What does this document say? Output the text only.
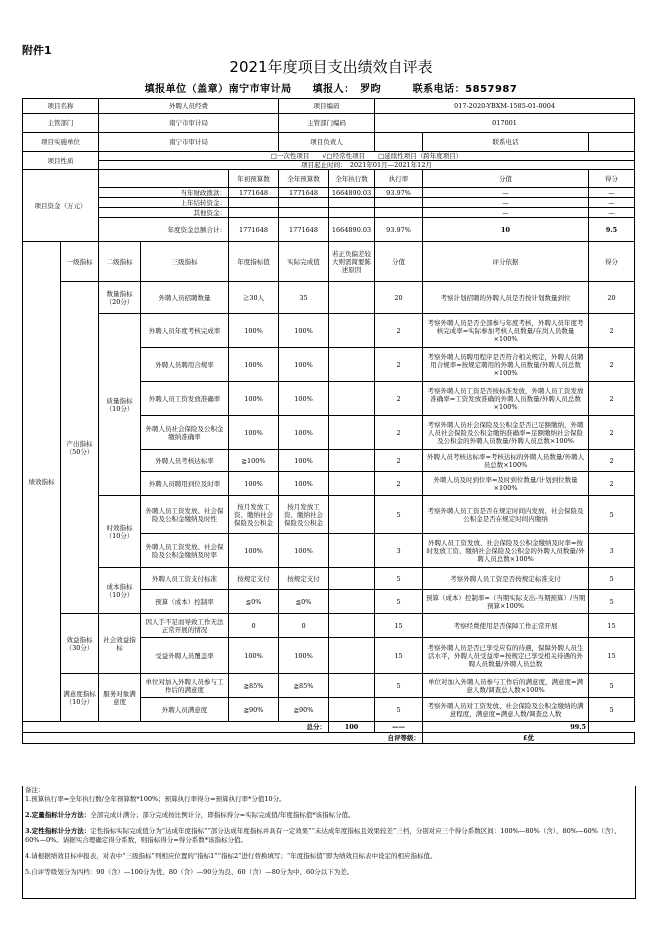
附件1
2021年度项目支出绩效自评表
填报单位（盖章）南宁市审计局　　填报人：　罗昀　　　联系电话：5857987
项目名称		外聘人员经费			项目编码		017-2020-YBXM-1585-01-0004		
主管部门		南宁市审计局			主管部门编码		017001		
项目实施单位		南宁市审计局			项目负责人			联系电话	
项目性质		□一次性项目　　√□经常性项目　　□延续性项目（跨年度项目）							
		项目起止时间：　2021年01月—2021年12月							
项目资金（万元）				年初预算数	全年预算数	全年执行数	执行率	分值	得分
		当年财政拨款：		1771648	1771648	1664890.03	93.97%	—	—
		上年结转资金：						—	—
		其他资金：						—	—
		年度资金总额合计：		1771648	1771648	1664890.03	93.97%	10	9.5
绩效指标	一级指标	二级指标	三级指标	年度指标值	实际完成值	若正负偏差较大则需简要陈述原因	分值	评分依据	得分
	产出指标（50分）	数量指标（20分）	外聘人员招聘数量	≧30人	35		20	考察计划招聘的外聘人员是否按计划数量到位	20
		质量指标（10分）	外聘人员年度考核完成率	100%	100%		2	考察外聘人员是否全部参与年度考核，外聘人员年度考核完成率=实际参加考核人员数量/在岗人员数量×100%	2
			外聘人员聘用合规率	100%	100%		2	考察外聘人员聘用程序是否符合相关规定，外聘人员聘用合规率=按规定聘用的外聘人员数量/外聘人员总数×100%	2
			外聘人员工资发放准确率	100%	100%		2	考察外聘人员工资是否按标准发放，外聘人员工资发放准确率=工资发放准确的外聘人员数量/外聘人员总数×100%	2
			外聘人员社会保险及公积金缴纳准确率	100%	100%		2	考察外聘人员社会保险及公积金是否已足额缴纳，外聘人员社会保险及公积金缴纳准确率=足额缴纳社会保险及公积金的外聘人员数量/外聘人员总数×100%	2
			外聘人员考核达标率	≧100%	100%		2	外聘人员考核达标率=考核达标的外聘人员数量/外聘人员总数×100%	2
			外聘人员聘用到位及时率	100%	100%		2	外聘人员及时到位率=及时到位数量/计划到位数量×100%	2
		时效指标（10分）	外聘人员工资发放、社会保险及公积金缴纳及时性	按月发放工资、缴纳社会保险及公积金	按月发放工资、缴纳社会保险及公积金		5	考察外聘人员工资是否在规定时间内发放、社会保险及公积金是否在规定时间内缴纳	5
			外聘人员工资发放、社会保险及公积金缴纳及时率	100%	100%		3	外聘人员工资发放、社会保险及公积金缴纳及时率=按时发放工资、缴纳社会保险及公积金的外聘人员数量/外聘人员总数×100%	3
		成本指标（10分）	外聘人员工资支付标准	按规定支付	按规定支付		5	考察外聘人员工资是否按规定标准支付	5
			预算（成本）控制率	≦0%	≦0%		5	预算（成本）控制率=（当期实际支出-当期预算）/当期预算×100%	5
	效益指标（30分）	社会效益指标	因人手不足而导致工作无法正常开展的情况	0	0		15	考察经费使用是否保障工作正常开展	15
			受益外聘人员覆盖率	100%	100%		15	考察外聘人员是否已享受应有的待遇，保障外聘人员生活水平，外聘人员受益率=按规定已享受相关待遇的外聘人员数量/外聘人员总数	15
	满意度指标（10分）	服务对象满意度	单位对加入外聘人员参与工作后的满意度	≧85%	≧85%		5	单位对加入外聘人员参与工作后的满意度，满意度=满意人数/调查总人数×100%	5
			外聘人员满意度	≧90%	≧90%		5	考察外聘人员对工资发放、社会保险及公积金缴纳的满意程度，满意度=满意人数/调查总人数	5
总分：						100	——	99.5	
自评等级：								£优	
备注：
1.预算执行率=全年执行数/全年预算数*100%；预算执行率得分=预算执行率*分值10分。
2.定量指标计分方法：全部完成计满分；部分完成按比例计分，即指标得分=实际完成值/年度指标值*该指标分值。
3.定性指标计分方法：定性指标实际完成值分为“达成年度指标”“部分达成年度指标并具有一定效果”“未达成年度指标且效果较差”三档，分别对应三个得分系数区间：100%—80%（含）、80%—60%（含）、60%—0%。请据实合理确定得分系数，则指标得分=得分系数*该指标分值。
4.请根据绩效目标申报表，对表中“三级指标”列相应位置的“指标1”“指标2”进行替换填写；“年度指标值”即为绩效目标表中设定的相应指标值。
5.自评等级划分为四档：90（含）—100分为优、80（含）—90分为良、60（含）—80分为中、60分以下为差。
